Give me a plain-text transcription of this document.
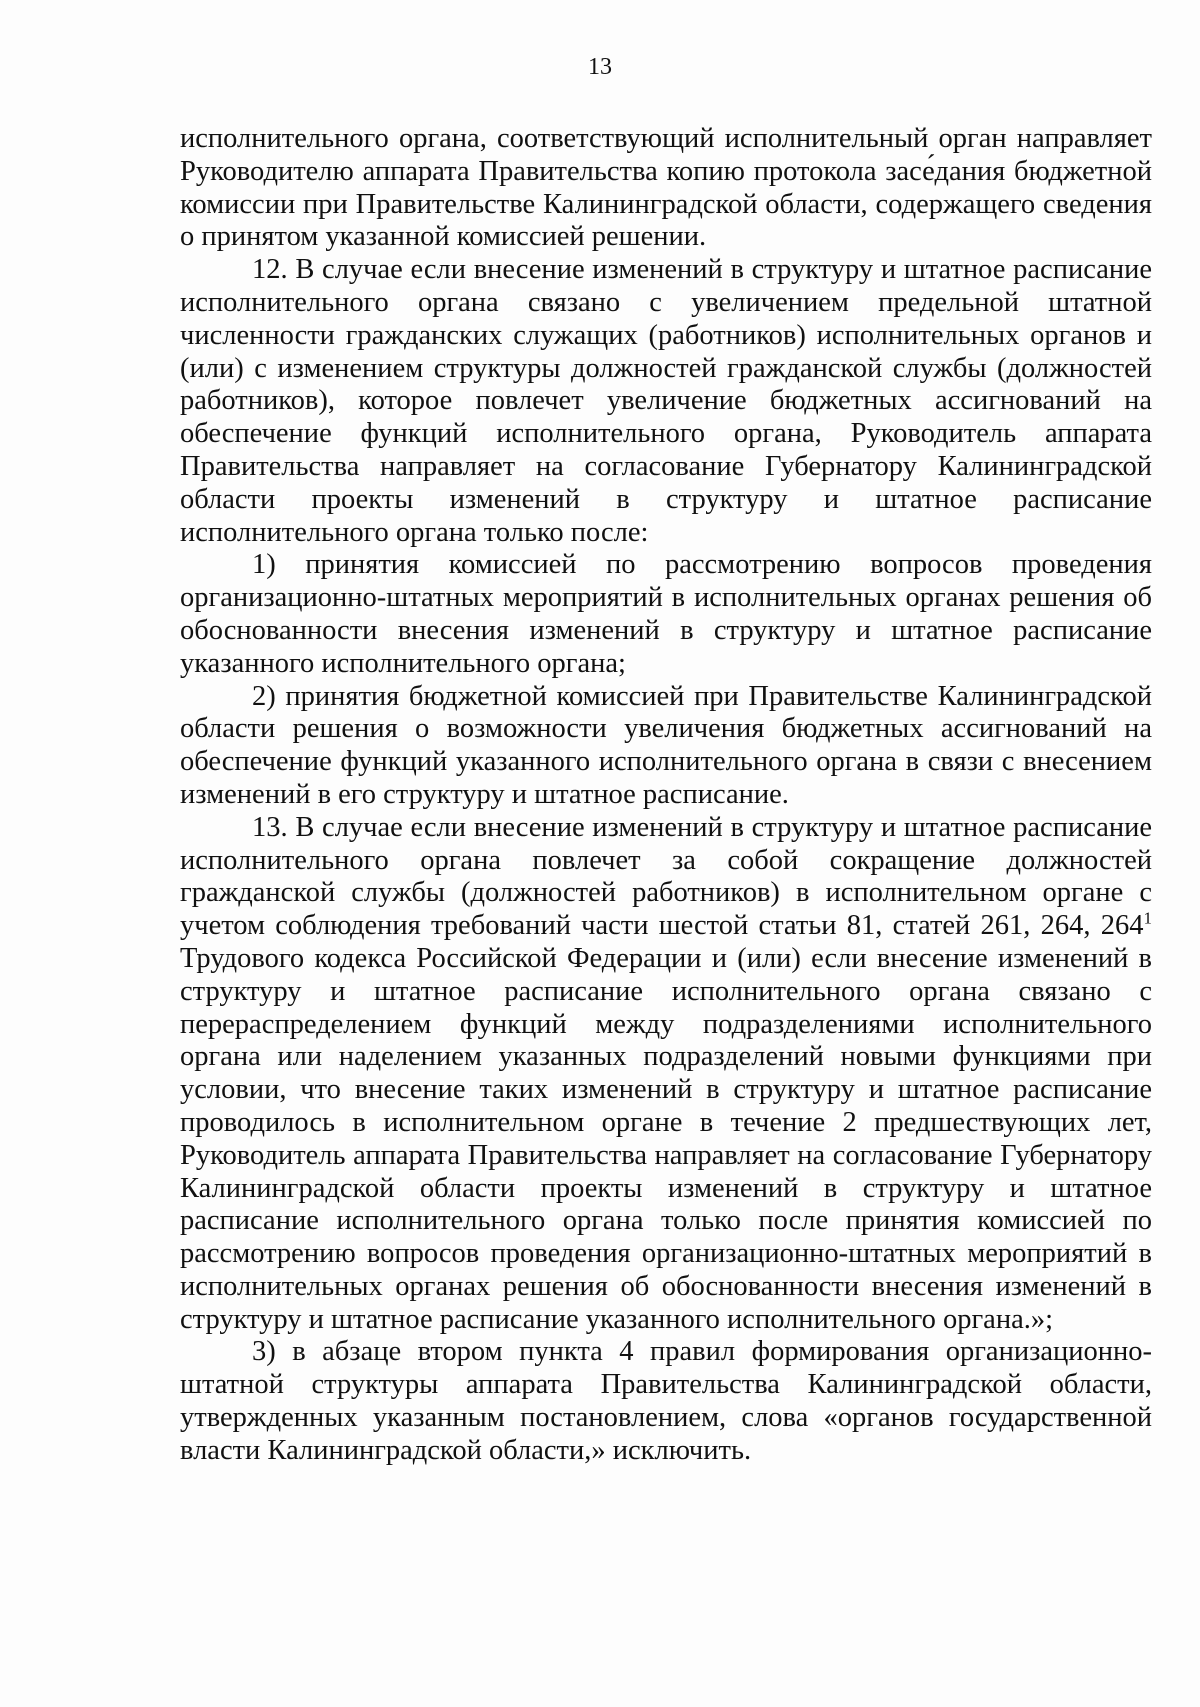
13

исполнительного органа, соответствующий исполнительный орган направляет Руководителю аппарата Правительства копию протокола засе́дания бюджетной комиссии при Правительстве Калининградской области, содержащего сведения о принятом указанной комиссией решении.

12. В случае если внесение изменений в структуру и штатное расписание исполнительного органа связано с увеличением предельной штатной численности гражданских служащих (работников) исполнительных органов и (или) с изменением структуры должностей гражданской службы (должностей работников), которое повлечет увеличение бюджетных ассигнований на обеспечение функций исполнительного органа, Руководитель аппарата Правительства направляет на согласование Губернатору Калининградской области проекты изменений в структуру и штатное расписание исполнительного органа только после:

1) принятия комиссией по рассмотрению вопросов проведения организационно-штатных мероприятий в исполнительных органах решения об обоснованности внесения изменений в структуру и штатное расписание указанного исполнительного органа;

2) принятия бюджетной комиссией при Правительстве Калининградской области решения о возможности увеличения бюджетных ассигнований на обеспечение функций указанного исполнительного органа в связи с внесением изменений в его структуру и штатное расписание.

13. В случае если внесение изменений в структуру и штатное расписание исполнительного органа повлечет за собой сокращение должностей гражданской службы (должностей работников) в исполнительном органе с учетом соблюдения требований части шестой статьи 81, статей 261, 264, $264^1$ Трудового кодекса Российской Федерации и (или) если внесение изменений в структуру и штатное расписание исполнительного органа связано с перераспределением функций между подразделениями исполнительного органа или наделением указанных подразделений новыми функциями при условии, что внесение таких изменений в структуру и штатное расписание проводилось в исполнительном органе в течение 2 предшествующих лет, Руководитель аппарата Правительства направляет на согласование Губернатору Калининградской области проекты изменений в структуру и штатное расписание исполнительного органа только после принятия комиссией по рассмотрению вопросов проведения организационно-штатных мероприятий в исполнительных органах решения об обоснованности внесения изменений в структуру и штатное расписание указанного исполнительного органа.»;

3) в абзаце втором пункта 4 правил формирования организационно-штатной структуры аппарата Правительства Калининградской области, утвержденных указанным постановлением, слова «органов государственной власти Калининградской области,» исключить.
